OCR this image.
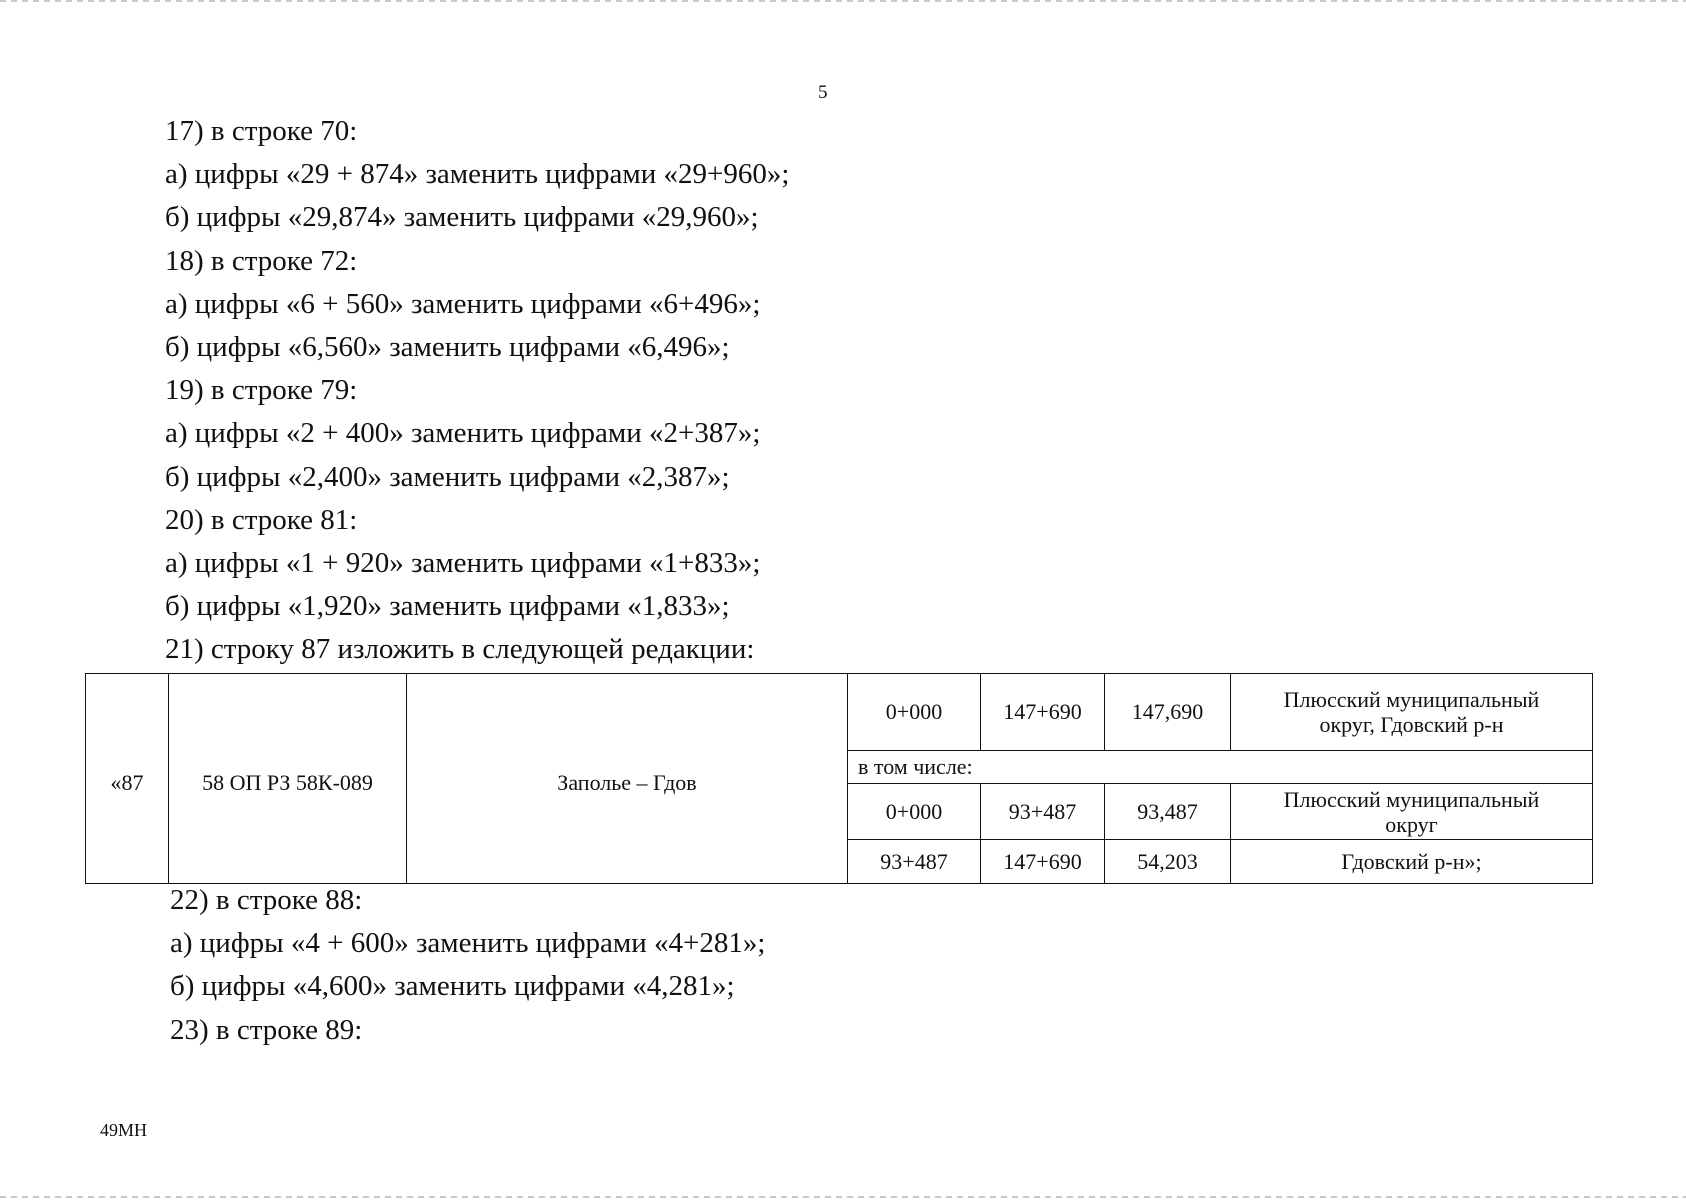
5
17) в строке 70:
а) цифры «29 + 874» заменить цифрами «29+960»;
б) цифры «29,874» заменить цифрами «29,960»;
18) в строке 72:
а) цифры «6 + 560» заменить цифрами «6+496»;
б) цифры «6,560» заменить цифрами «6,496»;
19) в строке 79:
а) цифры «2 + 400» заменить цифрами «2+387»;
б) цифры «2,400» заменить цифрами «2,387»;
20) в строке 81:
а) цифры «1 + 920» заменить цифрами «1+833»;
б) цифры «1,920» заменить цифрами «1,833»;
21) строку 87 изложить в следующей редакции:
«87	58 ОП РЗ 58К-089	Заполье – Гдов	0+000	147+690	147,690	Плюсский муниципальный
округ, Гдовский р-н

			в том числе:			
			0+000	93+487	93,487	Плюсский муниципальный
округ

			93+487	147+690	54,203	Гдовский р-н»;
22) в строке 88:
а) цифры «4 + 600» заменить цифрами «4+281»;
б) цифры «4,600» заменить цифрами «4,281»;
23) в строке 89:
49МН
